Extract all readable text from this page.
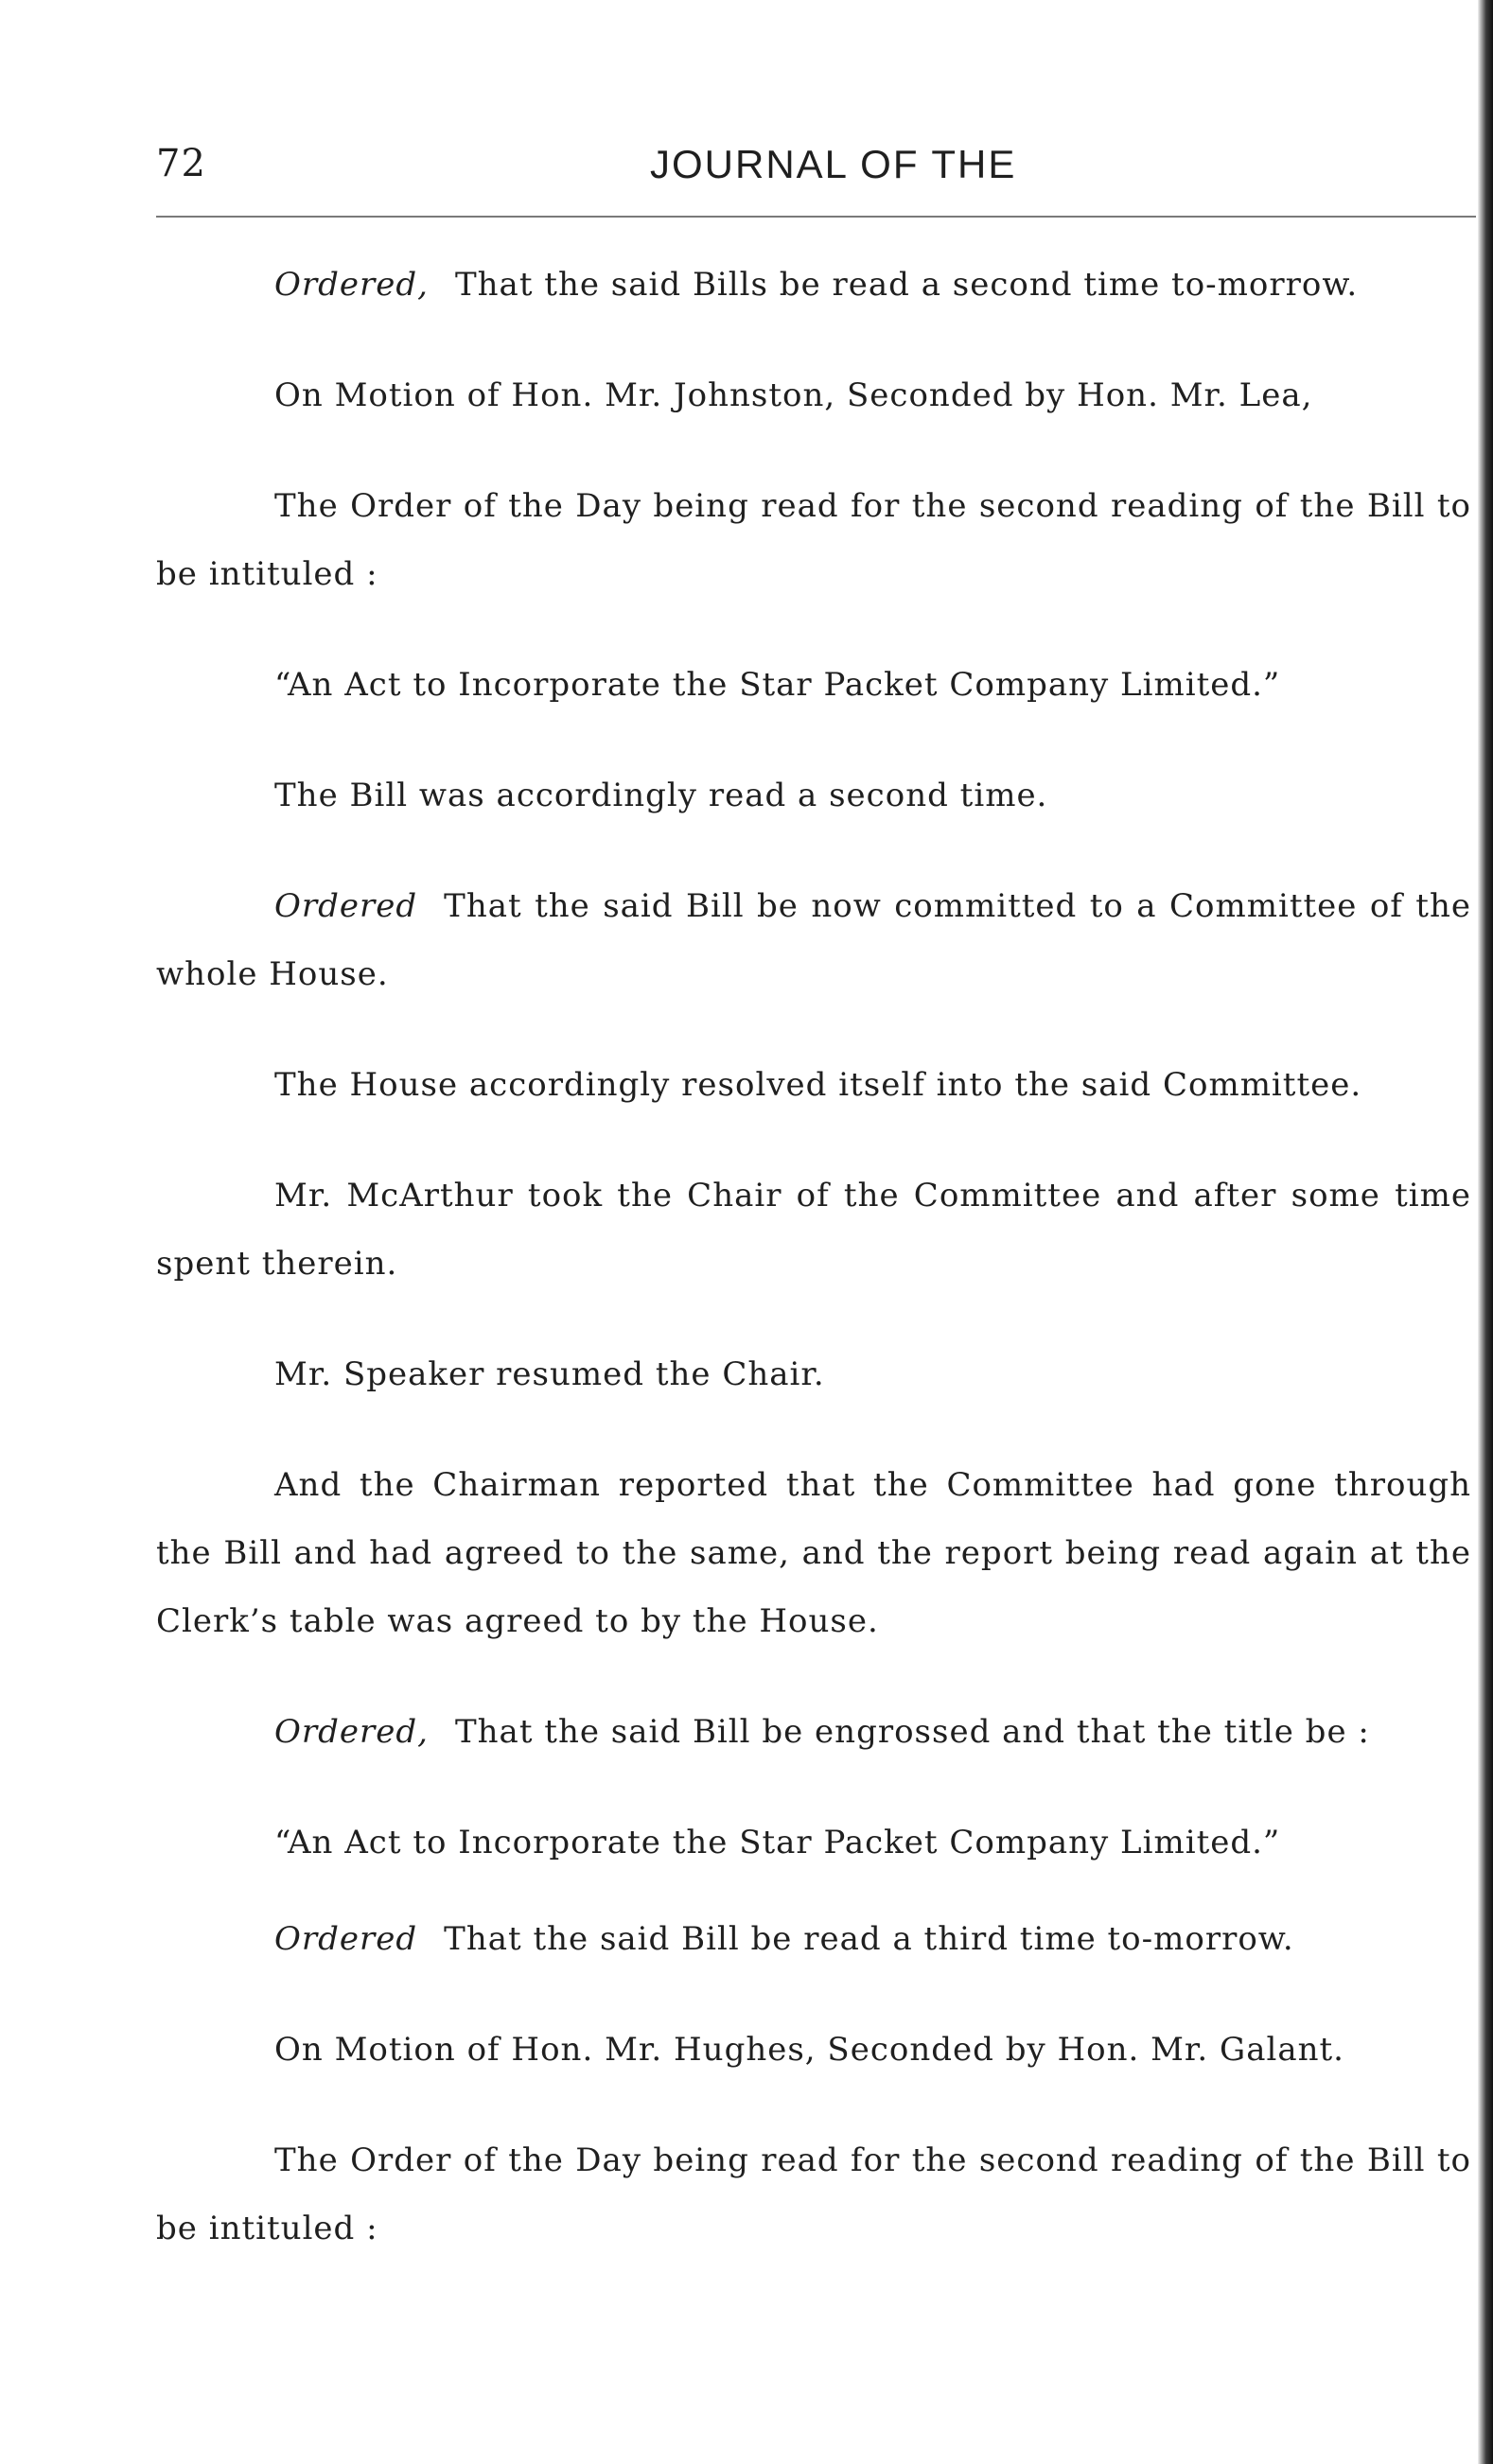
72	JOURNAL OF THE

Ordered, That the said Bills be read a second time to-morrow.

On Motion of Hon. Mr. Johnston, Seconded by Hon. Mr. Lea,

The Order of the Day being read for the second reading of the Bill to be intituled :

“An Act to Incorporate the Star Packet Company Limited.”

The Bill was accordingly read a second time.

Ordered That the said Bill be now committed to a Committee of the whole House.

The House accordingly resolved itself into the said Committee.

Mr. McArthur took the Chair of the Committee and after some time spent therein.

Mr. Speaker resumed the Chair.

And the Chairman reported that the Committee had gone through the Bill and had agreed to the same, and the report being read again at the Clerk’s table was agreed to by the House.

Ordered, That the said Bill be engrossed and that the title be :

“An Act to Incorporate the Star Packet Company Limited.”

Ordered That the said Bill be read a third time to-morrow.

On Motion of Hon. Mr. Hughes, Seconded by Hon. Mr. Galant.

The Order of the Day being read for the second reading of the Bill to be intituled :
